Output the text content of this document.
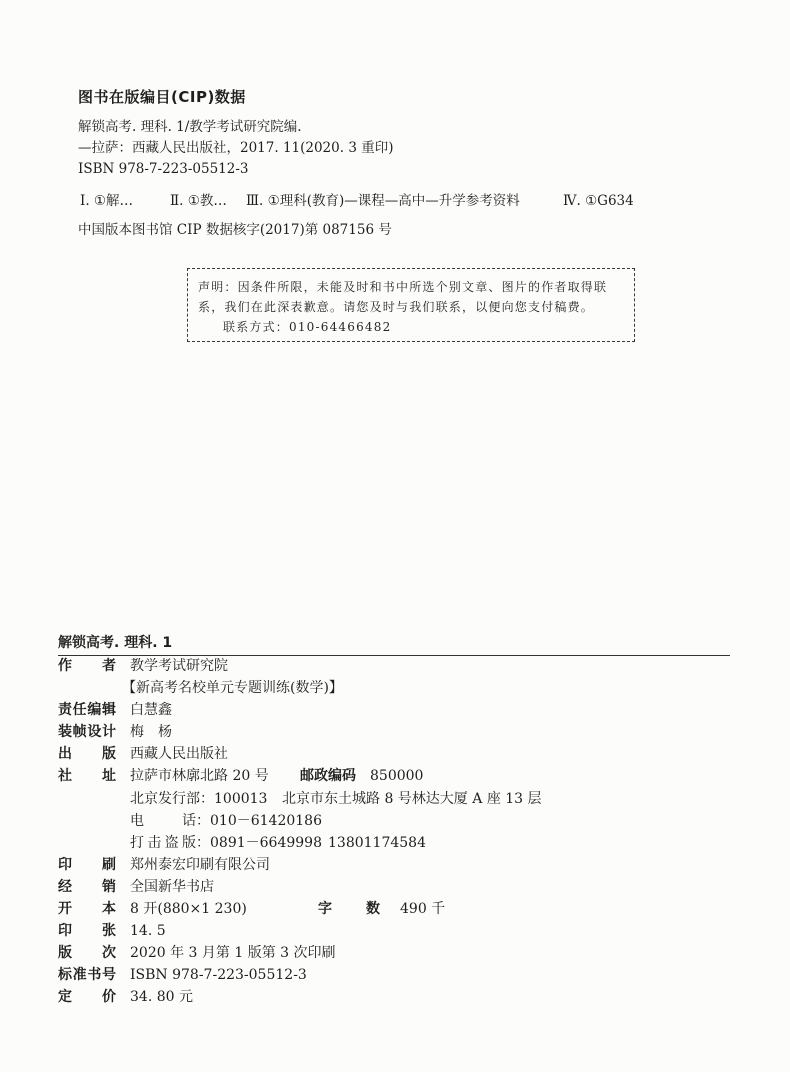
图书在版编目(CIP)数据
解锁高考. 理科. 1/教学考试研究院编.
—拉萨：西藏人民出版社，2017. 11(2020. 3 重印)
ISBN 978-7-223-05512-3
Ⅰ. ①解…	Ⅱ. ①教… Ⅲ. ①理科(教育)—课程—高中—升学参考资料	Ⅳ. ①G634
中国版本图书馆 CIP 数据核字(2017)第 087156 号
声明：因条件所限，未能及时和书中所选个别文章、图片的作者取得联
系，我们在此深表歉意。请您及时与我们联系，以便向您支付稿费。
联系方式：010-64466482
解锁高考. 理科. 1
作　者 教学考试研究院
【新高考名校单元专题训练(数学)】
责任编辑 白慧鑫
装帧设计 梅　杨
出　版 西藏人民出版社
社　址 拉萨市林廓北路 20 号 邮政编码 850000
北京发行部：100013 北京市东土城路 8 号林达大厦 A 座 13 层
电　话 ：010－61420186
打击盗版 ：0891－6649998 13801174584
印　刷 郑州泰宏印刷有限公司
经　销 全国新华书店
开　本 8 开(880×1 230)	字　数 490 千
印　张 14. 5
版　次 2020 年 3 月第 1 版第 3 次印刷
标准书号 ISBN 978-7-223-05512-3
定　价 34. 80 元
